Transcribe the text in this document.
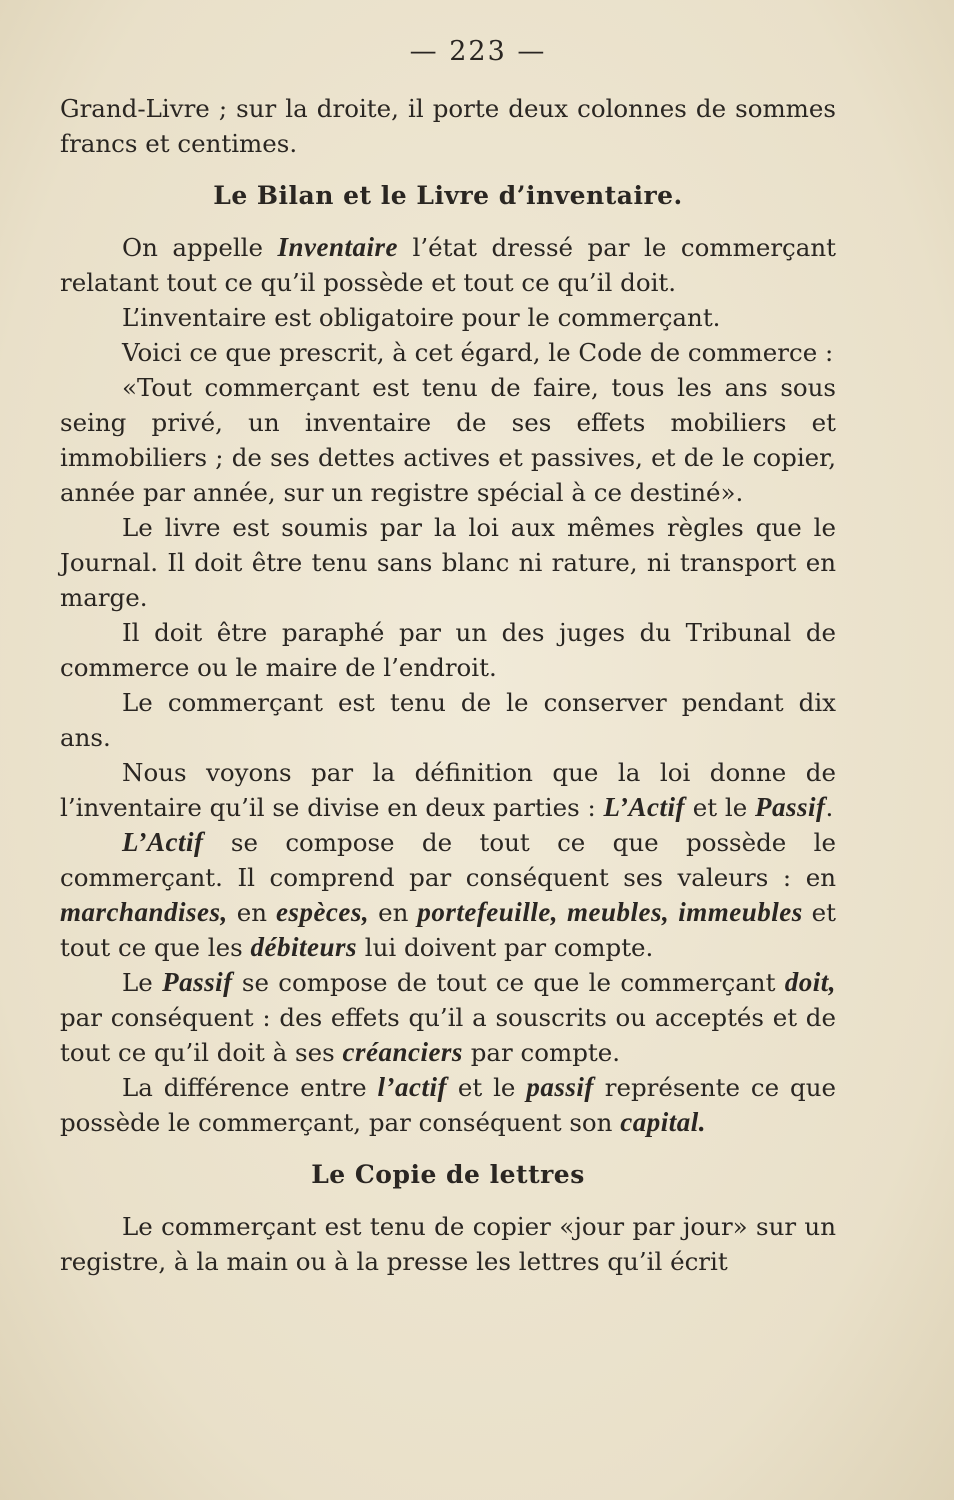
— 223 —

Grand-Livre ; sur la droite, il porte deux colonnes de sommes francs et centimes.

Le Bilan et le Livre d’inventaire.

On appelle Inventaire l’état dressé par le commerçant relatant tout ce qu’il possède et tout ce qu’il doit.

L’inventaire est obligatoire pour le commerçant.

Voici ce que prescrit, à cet égard, le Code de commerce :

«Tout commerçant est tenu de faire, tous les ans sous seing privé, un inventaire de ses effets mobiliers et immobiliers ; de ses dettes actives et passives, et de le copier, année par année, sur un registre spécial à ce destiné».

Le livre est soumis par la loi aux mêmes règles que le Journal. Il doit être tenu sans blanc ni rature, ni transport en marge.

Il doit être paraphé par un des juges du Tribunal de commerce ou le maire de l’endroit.

Le commerçant est tenu de le conserver pendant dix ans.

Nous voyons par la définition que la loi donne de l’inventaire qu’il se divise en deux parties : L’Actif et le Passif.

L’Actif se compose de tout ce que possède le commerçant. Il comprend par conséquent ses valeurs : en marchandises, en espèces, en portefeuille, meubles, immeubles et tout ce que les débiteurs lui doivent par compte.

Le Passif se compose de tout ce que le commerçant doit, par conséquent : des effets qu’il a souscrits ou acceptés et de tout ce qu’il doit à ses créanciers par compte.

La différence entre l’actif et le passif représente ce que possède le commerçant, par conséquent son capital.

Le Copie de lettres

Le commerçant est tenu de copier «jour par jour» sur un registre, à la main ou à la presse les lettres qu’il écrit
